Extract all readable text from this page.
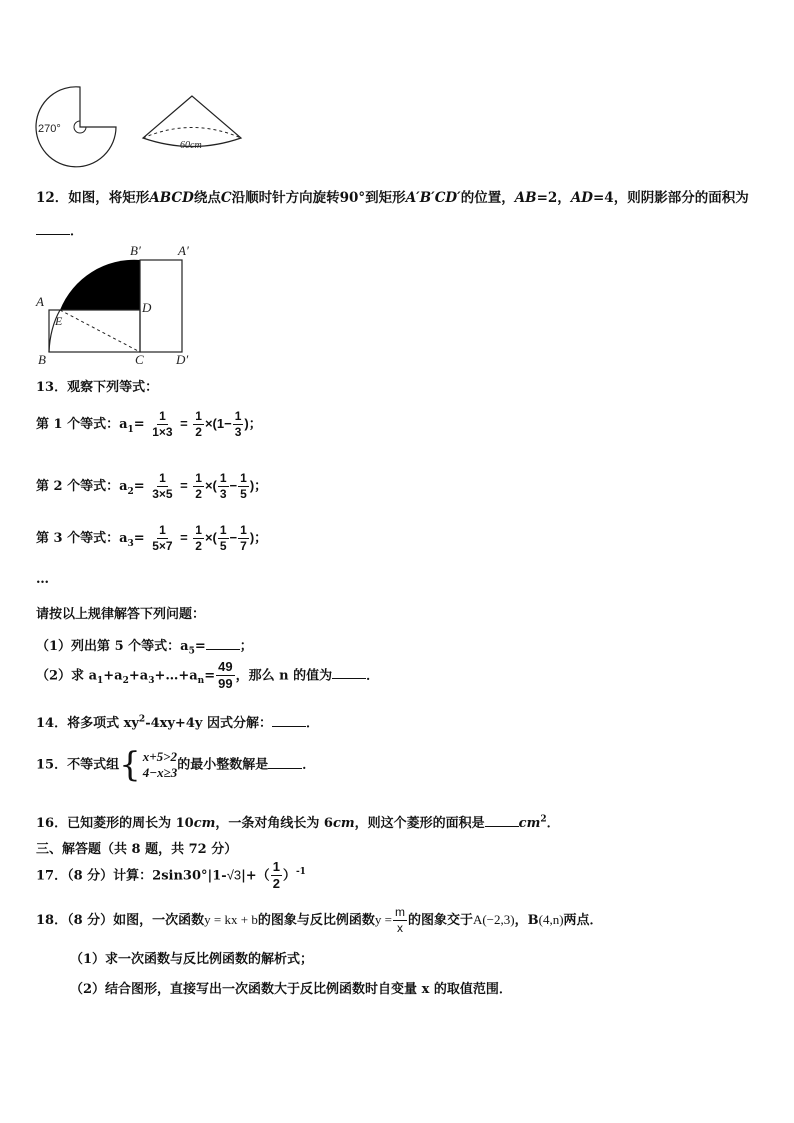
270°
60cm
12．如图，将矩形ABCD绕点C沿顺时针方向旋转90°到矩形A′B′CD′的位置，AB=2，AD=4，则阴影部分的面积为
．
A
B	C
D
E
A′
B′
D′
13．观察下列等式：
第 1 个等式：$a_1= \frac{1}{1\times 3} = \frac{1}{2} \times(1- \frac{1}{3}$ )；
第 2 个等式：$a_2= \frac{1}{3\times 5} = \frac{1}{2}$ ×( $\frac{1}{3} - \frac{1}{5}$ )；
第 3 个等式：$a_3= \frac{1}{5\times 7} = \frac{1}{2}$ ×( $\frac{1}{5} - \frac{1}{7}$ )；
…
请按以上规律解答下列问题：
（1）列出第 5 个等式：$a_5=$	；
（2）求 $a_1+a_2+a_3+\dots+a_n= \frac{49}{99}$ ，那么 n 的值为	．
14．将多项式 $xy^2-4xy+4y$ 因式分解：	．
15．不等式组 { x+5>2
4−x≥3 的最小整数解是	．
16．已知菱形的周长为 10cm，一条对角线长为 6cm，则这个菱形的面积是	$cm^2$．
三、解答题（共 8 题，共 72 分）
17．（8 分）计算：$2\sin 30^\circ|1-√3|+( \frac{1}{2} )^{-1}$
18．（8 分）如图，一次函数y = kx + b的图象与反比例函数$y = \frac{m}{x}$ 的图象交于A(−2,3)，B(4,n)两点．
（1）求一次函数与反比例函数的解析式；
（2）结合图形，直接写出一次函数大于反比例函数时自变量 x 的取值范围．
